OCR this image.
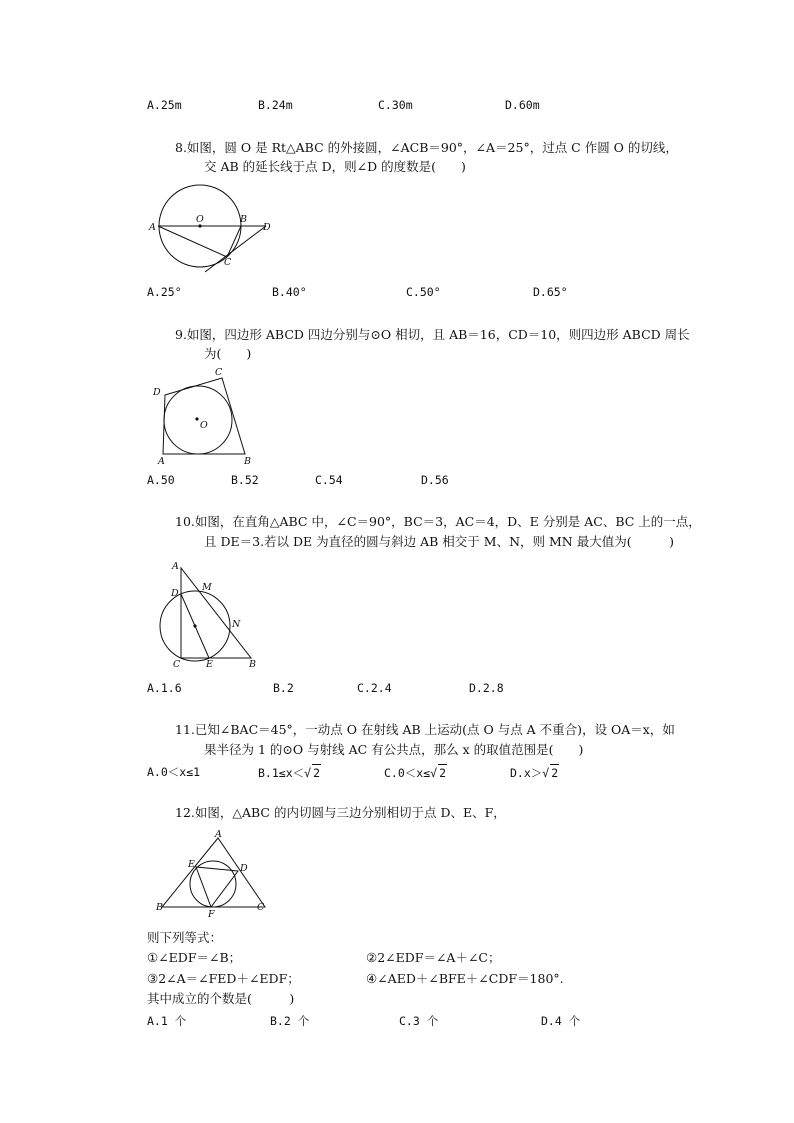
A.25m	B.24m	C.30m	D.60m
8.如图，圆 O 是 Rt△ABC 的外接圆，∠ACB＝90°，∠A＝25°，过点 C 作圆 O 的切线，
交 AB 的延长线于点 D，则∠D 的度数是(　　)
A
O	B
D
C
A.25°	B.40°	C.50°	D.65°
9.如图，四边形 ABCD 四边分别与⊙O 相切，且 AB＝16，CD＝10，则四边形 ABCD 周长
为(　　)
C
D
O
A	B
A.50	B.52	C.54	D.56
10.如图，在直角△ABC 中，∠C＝90°，BC＝3，AC＝4，D、E 分别是 AC、BC 上的一点，
且 DE＝3.若以 DE 为直径的圆与斜边 AB 相交于 M、N，则 MN 最大值为(　　　)
A
M
D
N
C	E	B
A.1.6	B.2	C.2.4	D.2.8
11.已知∠BAC＝45°，一动点 O 在射线 AB 上运动(点 O 与点 A 不重合)，设 OA＝x，如
果半径为 1 的⊙O 与射线 AC 有公共点，那么 x 的取值范围是(　　)
A.0＜x≤1	B.1≤x＜√ 2	C.0＜x≤√ 2	D.x＞√ 2
12.如图，△ABC 的内切圆与三边分别相切于点 D、E、F，
A
E	D
B
F
C
则下列等式：
①∠EDF＝∠B；	②2∠EDF＝∠A＋∠C；
③2∠A＝∠FED＋∠EDF；	④∠AED＋∠BFE＋∠CDF＝180°.
其中成立的个数是(　　　)
A.1 个	B.2 个	C.3 个	D.4 个
